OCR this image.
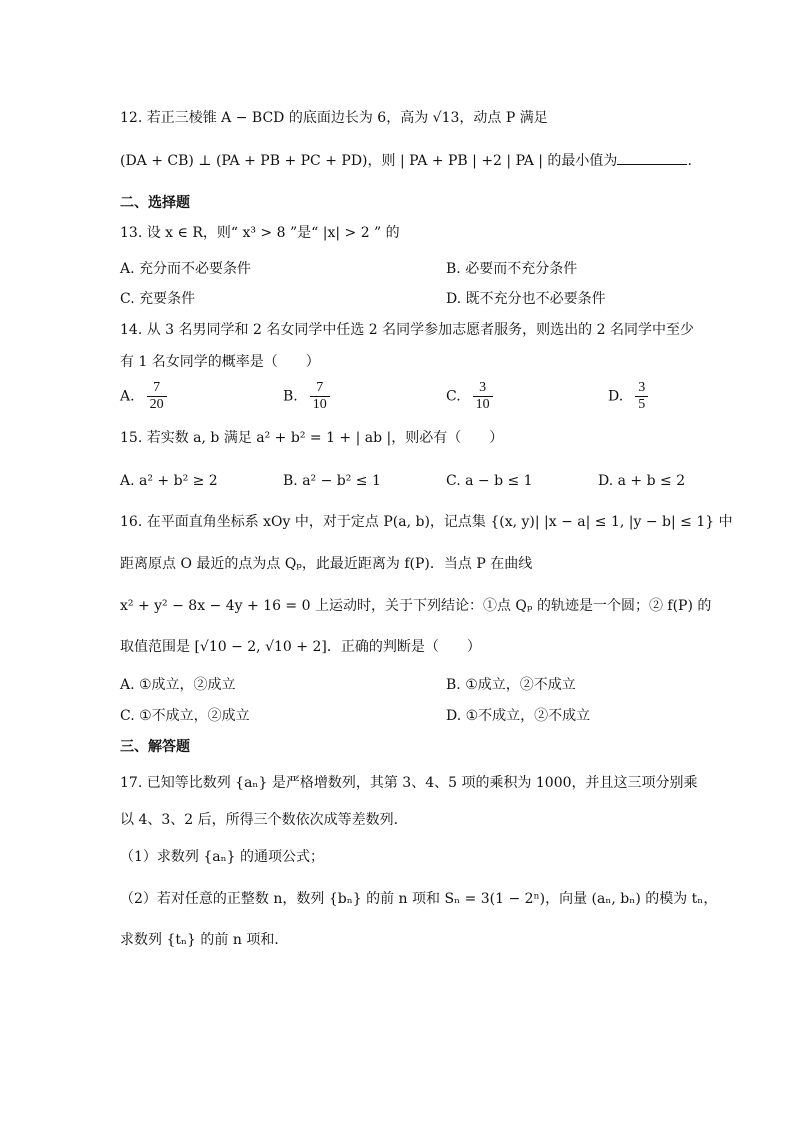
12. 若正三棱锥 A − BCD 的底面边长为 6，高为 √13，动点 P 满足
(DA + CB) ⊥ (PA + PB + PC + PD)，则 | PA + PB | +2 | PA | 的最小值为	.
二、选择题
13. 设 x ∈ R，则“ x³ > 8 ”是“ |x| > 2 ” 的
A. 充分而不必要条件	B. 必要而不充分条件
C. 充要条件	D. 既不充分也不必要条件
14. 从 3 名男同学和 2 名女同学中任选 2 名同学参加志愿者服务，则选出的 2 名同学中至少
有 1 名女同学的概率是（　　）
A. $\frac{7}{20}$	B. $\frac{7}{10}$	C. $\frac{3}{10}$	D. $\frac{3}{5}$
15. 若实数 a, b 满足 a² + b² = 1 + | ab |，则必有（　　）
A. a² + b² ≥ 2	B. a² − b² ≤ 1	C. a − b ≤ 1	D. a + b ≤ 2
16. 在平面直角坐标系 xOy 中，对于定点 P(a, b)，记点集 {(x, y)| |x − a| ≤ 1, |y − b| ≤ 1} 中
距离原点 O 最近的点为点 Qₚ，此最近距离为 f(P)．当点 P 在曲线
x² + y² − 8x − 4y + 16 = 0 上运动时，关于下列结论：①点 Qₚ 的轨迹是一个圆；② f(P) 的
取值范围是 [√10 − 2, √10 + 2]．正确的判断是（　　）
A. ①成立，②成立	B. ①成立，②不成立
C. ①不成立，②成立	D. ①不成立，②不成立
三、解答题
17. 已知等比数列 {aₙ} 是严格增数列，其第 3、4、5 项的乘积为 1000，并且这三项分别乘
以 4、3、2 后，所得三个数依次成等差数列．
（1）求数列 {aₙ} 的通项公式；
（2）若对任意的正整数 n，数列 {bₙ} 的前 n 项和 Sₙ = 3(1 − 2ⁿ)，向量 (aₙ, bₙ) 的模为 tₙ，
求数列 {tₙ} 的前 n 项和．
